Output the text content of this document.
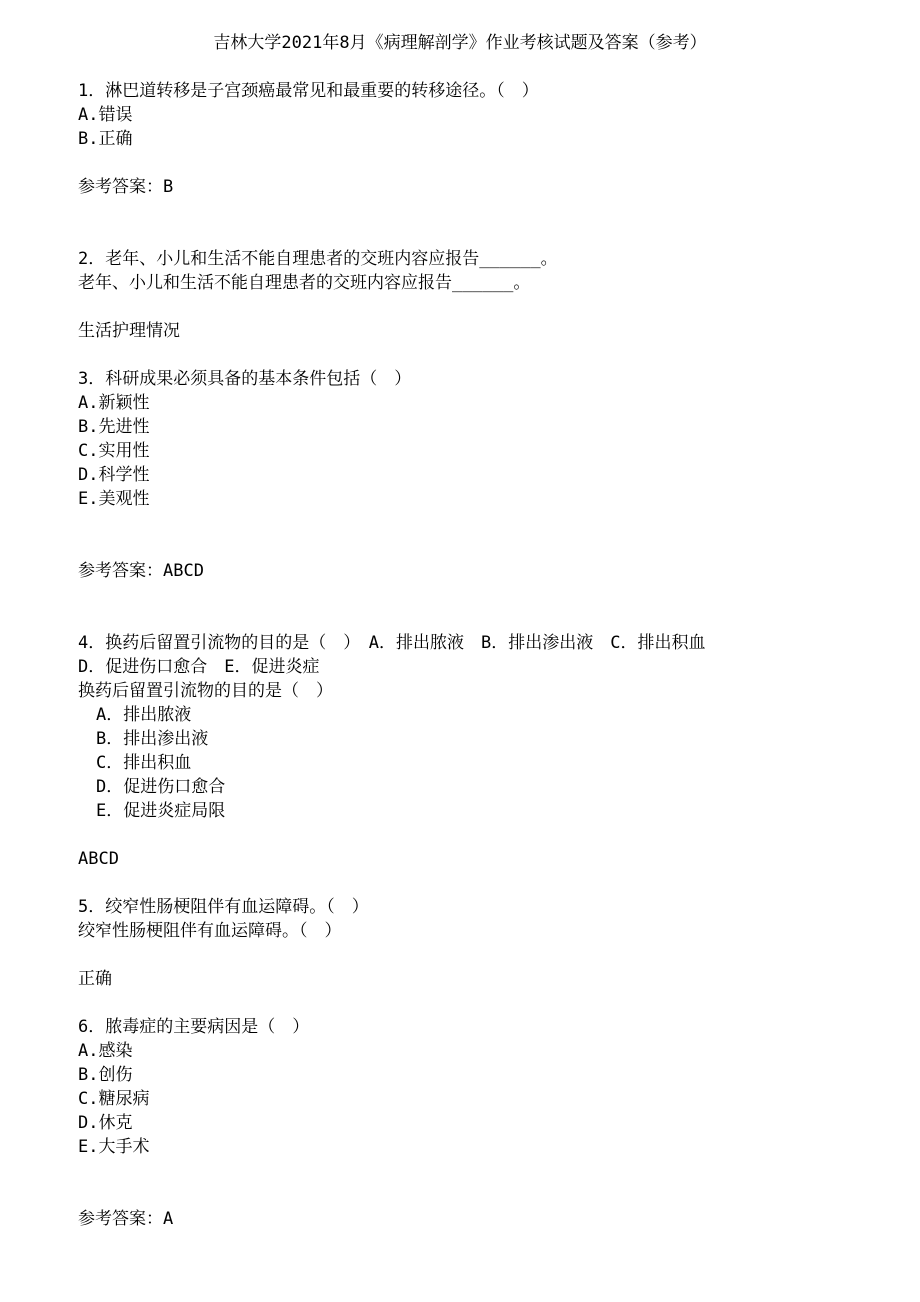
吉林大学2021年8月《病理解剖学》作业考核试题及答案（参考）
1．淋巴道转移是子宫颈癌最常见和最重要的转移途径。（　）
A.错误
B.正确
参考答案：B
2．老年、小儿和生活不能自理患者的交班内容应报告______。
老年、小儿和生活不能自理患者的交班内容应报告______。
生活护理情况
3．科研成果必须具备的基本条件包括（　）
A.新颖性
B.先进性
C.实用性
D.科学性
E.美观性
参考答案：ABCD
4．换药后留置引流物的目的是（　）　A．排出脓液　B．排出渗出液　C．排出积血
D．促进伤口愈合　E．促进炎症
换药后留置引流物的目的是（　）
A．排出脓液
B．排出渗出液
C．排出积血
D．促进伤口愈合
E．促进炎症局限
ABCD
5．绞窄性肠梗阻伴有血运障碍。（　）
绞窄性肠梗阻伴有血运障碍。（　）
正确
6．脓毒症的主要病因是（　）
A.感染
B.创伤
C.糖尿病
D.休克
E.大手术
参考答案：A
